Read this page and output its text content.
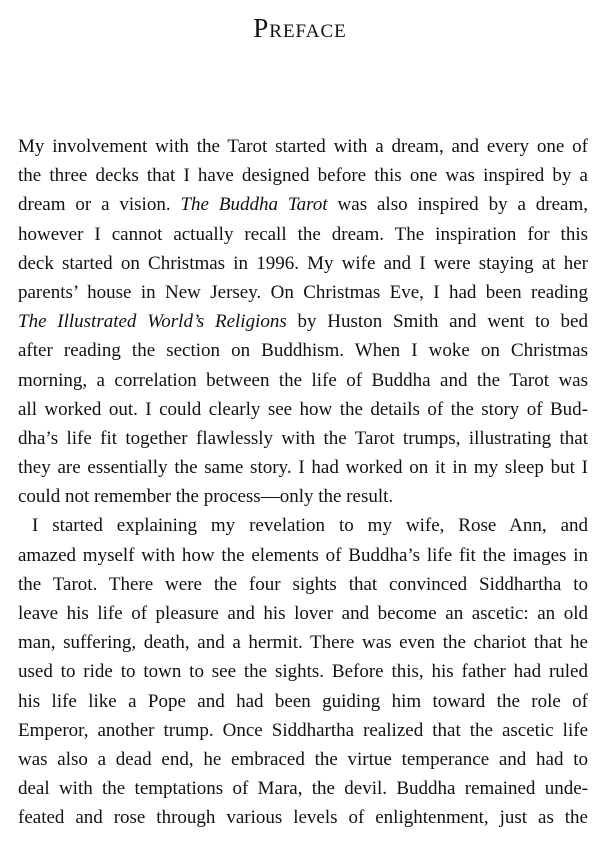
Preface
My involvement with the Tarot started with a dream, and every one of
the three decks that I have designed before this one was inspired by a
dream or a vision. The Buddha Tarot was also inspired by a dream,
however I cannot actually recall the dream. The inspiration for this
deck started on Christmas in 1996. My wife and I were staying at her
parents’ house in New Jersey. On Christmas Eve, I had been reading
The Illustrated World’s Religions by Huston Smith and went to bed
after reading the section on Buddhism. When I woke on Christmas
morning, a correlation between the life of Buddha and the Tarot was
all worked out. I could clearly see how the details of the story of Bud-
dha’s life fit together flawlessly with the Tarot trumps, illustrating that
they are essentially the same story. I had worked on it in my sleep but I
could not remember the process—only the result.
I started explaining my revelation to my wife, Rose Ann, and
amazed myself with how the elements of Buddha’s life fit the images in
the Tarot. There were the four sights that convinced Siddhartha to
leave his life of pleasure and his lover and become an ascetic: an old
man, suffering, death, and a hermit. There was even the chariot that he
used to ride to town to see the sights. Before this, his father had ruled
his life like a Pope and had been guiding him toward the role of
Emperor, another trump. Once Siddhartha realized that the ascetic life
was also a dead end, he embraced the virtue temperance and had to
deal with the temptations of Mara, the devil. Buddha remained unde-
feated and rose through various levels of enlightenment, just as the
